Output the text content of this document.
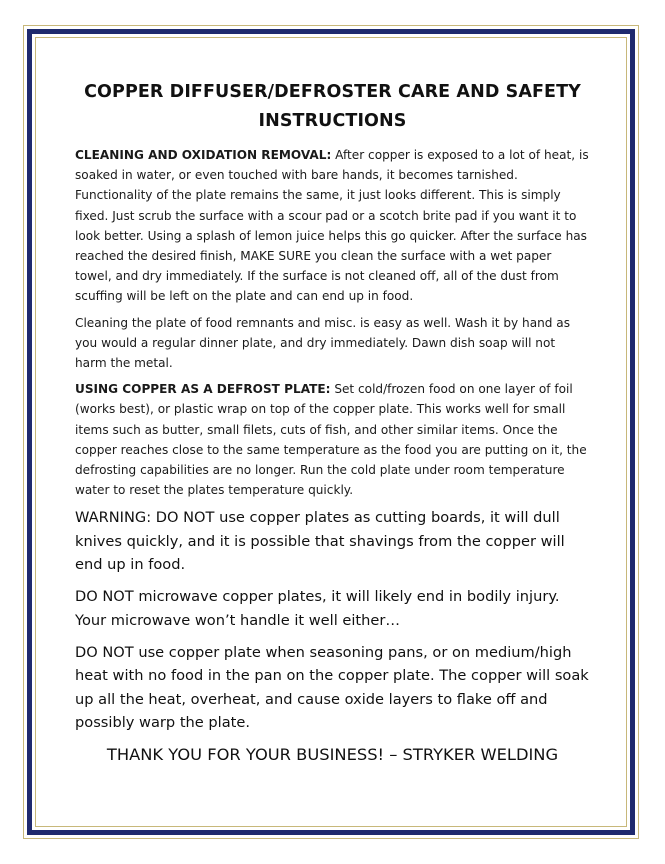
COPPER DIFFUSER/DEFROSTER CARE AND SAFETY INSTRUCTIONS

CLEANING AND OXIDATION REMOVAL: After copper is exposed to a lot of heat, is soaked in water, or even touched with bare hands, it becomes tarnished. Functionality of the plate remains the same, it just looks different. This is simply fixed. Just scrub the surface with a scour pad or a scotch brite pad if you want it to look better. Using a splash of lemon juice helps this go quicker. After the surface has reached the desired finish, MAKE SURE you clean the surface with a wet paper towel, and dry immediately. If the surface is not cleaned off, all of the dust from scuffing will be left on the plate and can end up in food.

Cleaning the plate of food remnants and misc. is easy as well. Wash it by hand as you would a regular dinner plate, and dry immediately. Dawn dish soap will not harm the metal.

USING COPPER AS A DEFROST PLATE: Set cold/frozen food on one layer of foil (works best), or plastic wrap on top of the copper plate. This works well for small items such as butter, small filets, cuts of fish, and other similar items. Once the copper reaches close to the same temperature as the food you are putting on it, the defrosting capabilities are no longer. Run the cold plate under room temperature water to reset the plates temperature quickly.

WARNING: DO NOT use copper plates as cutting boards, it will dull knives quickly, and it is possible that shavings from the copper will end up in food.

DO NOT microwave copper plates, it will likely end in bodily injury. Your microwave won’t handle it well either…

DO NOT use copper plate when seasoning pans, or on medium/high heat with no food in the pan on the copper plate. The copper will soak up all the heat, overheat, and cause oxide layers to flake off and possibly warp the plate.

THANK YOU FOR YOUR BUSINESS! – STRYKER WELDING
